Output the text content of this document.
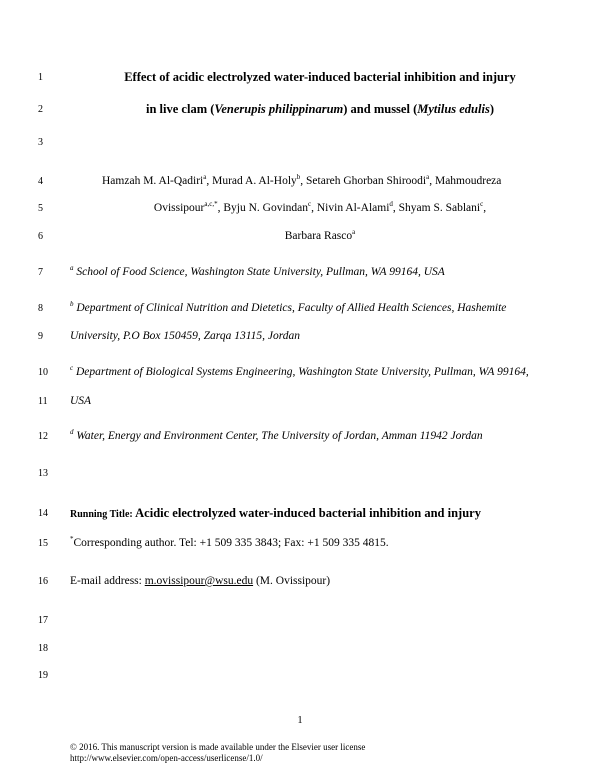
1
2
3
4
5
6
7
8
9
10
11
12
13
14
15
16
17
18
19
Effect of acidic electrolyzed water-induced bacterial inhibition and injury
in live clam (Venerupis philippinarum) and mussel (Mytilus edulis)
Hamzah M. Al-Qadiri$^a$, Murad A. Al-Holy$^b$, Setareh Ghorban Shiroodi$^a$, Mahmoudreza
Ovissipour$^{a,c,*}$, Byju N. Govindan$^c$, Nivin Al-Alami$^d$, Shyam S. Sablani$^c$,
Barbara Rasco$^a$
$^a$ School of Food Science, Washington State University, Pullman, WA 99164, USA
$^b$ Department of Clinical Nutrition and Dietetics, Faculty of Allied Health Sciences, Hashemite
University, P.O Box 150459, Zarqa 13115, Jordan
$^c$ Department of Biological Systems Engineering, Washington State University, Pullman, WA 99164,
USA
$^d$ Water, Energy and Environment Center, The University of Jordan, Amman 11942 Jordan
Running Title: Acidic electrolyzed water-induced bacterial inhibition and injury
*Corresponding author. Tel: +1 509 335 3843; Fax: +1 509 335 4815.
E-mail address: m.ovissipour@wsu.edu (M. Ovissipour)
1
© 2016. This manuscript version is made available under the Elsevier user license
http://www.elsevier.com/open-access/userlicense/1.0/
